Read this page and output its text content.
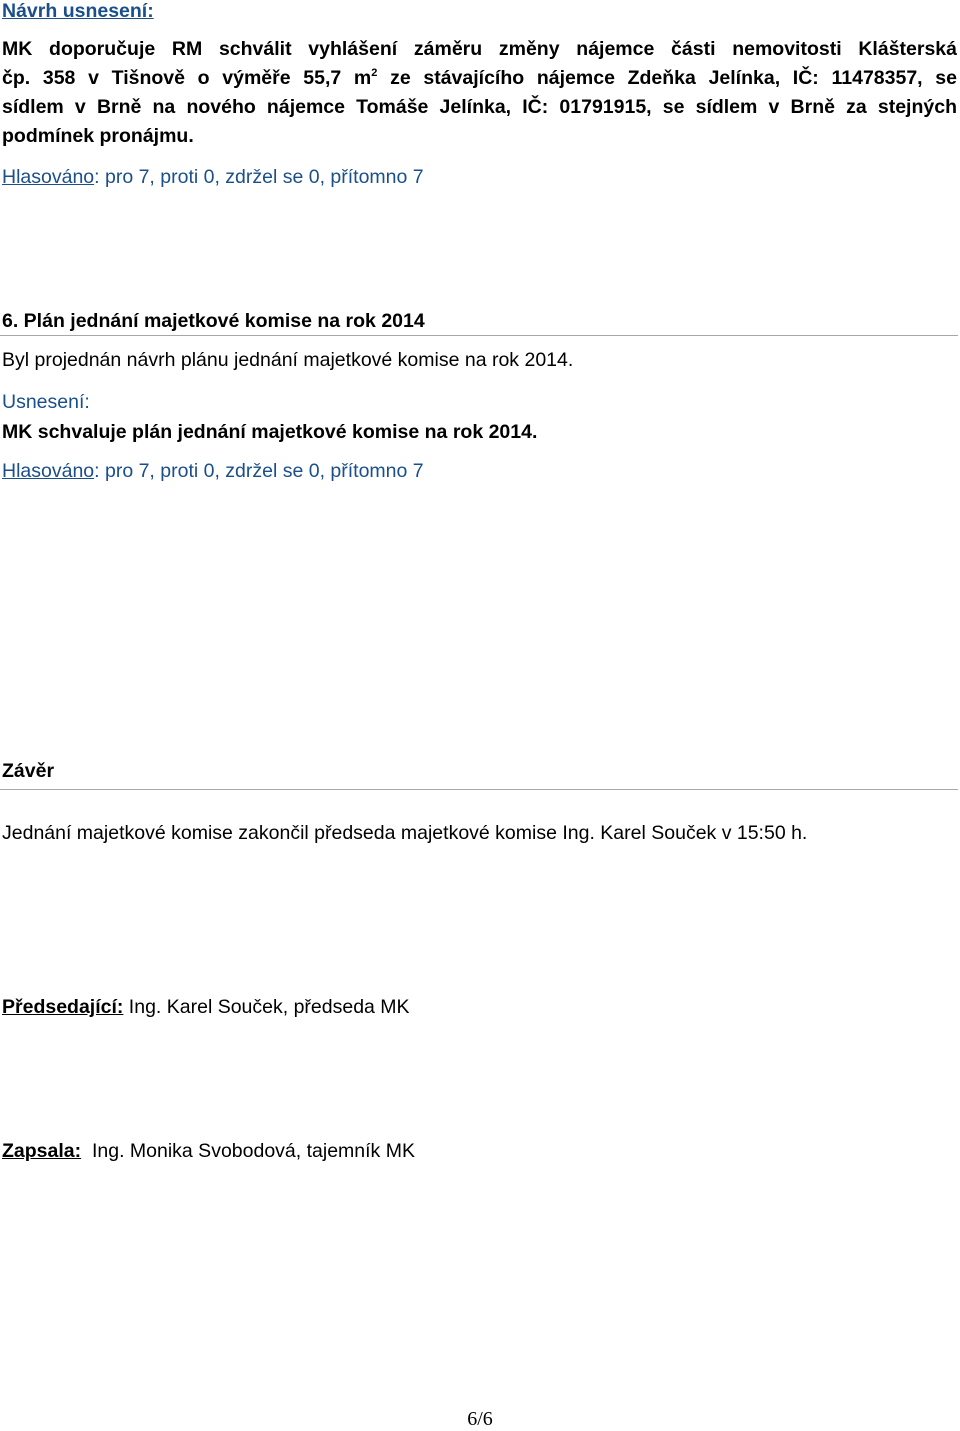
Návrh usnesení:
MK doporučuje RM schválit vyhlášení záměru změny nájemce části nemovitosti Klášterská
čp. 358 v Tišnově o výměře 55,7 $m^2$ ze stávajícího nájemce Zdeňka Jelínka, IČ: 11478357, se
sídlem v Brně na nového nájemce Tomáše Jelínka, IČ: 01791915, se sídlem v Brně za stejných
podmínek pronájmu.
Hlasováno: pro 7, proti 0, zdržel se 0, přítomno 7
6. Plán jednání majetkové komise na rok 2014
Byl projednán návrh plánu jednání majetkové komise na rok 2014.
Usnesení:
MK schvaluje plán jednání majetkové komise na rok 2014.
Hlasováno: pro 7, proti 0, zdržel se 0, přítomno 7
Závěr
Jednání majetkové komise zakončil předseda majetkové komise Ing. Karel Souček v 15:50 h.
Předsedající: Ing. Karel Souček, předseda MK
Zapsala:  Ing. Monika Svobodová, tajemník MK
6/6
